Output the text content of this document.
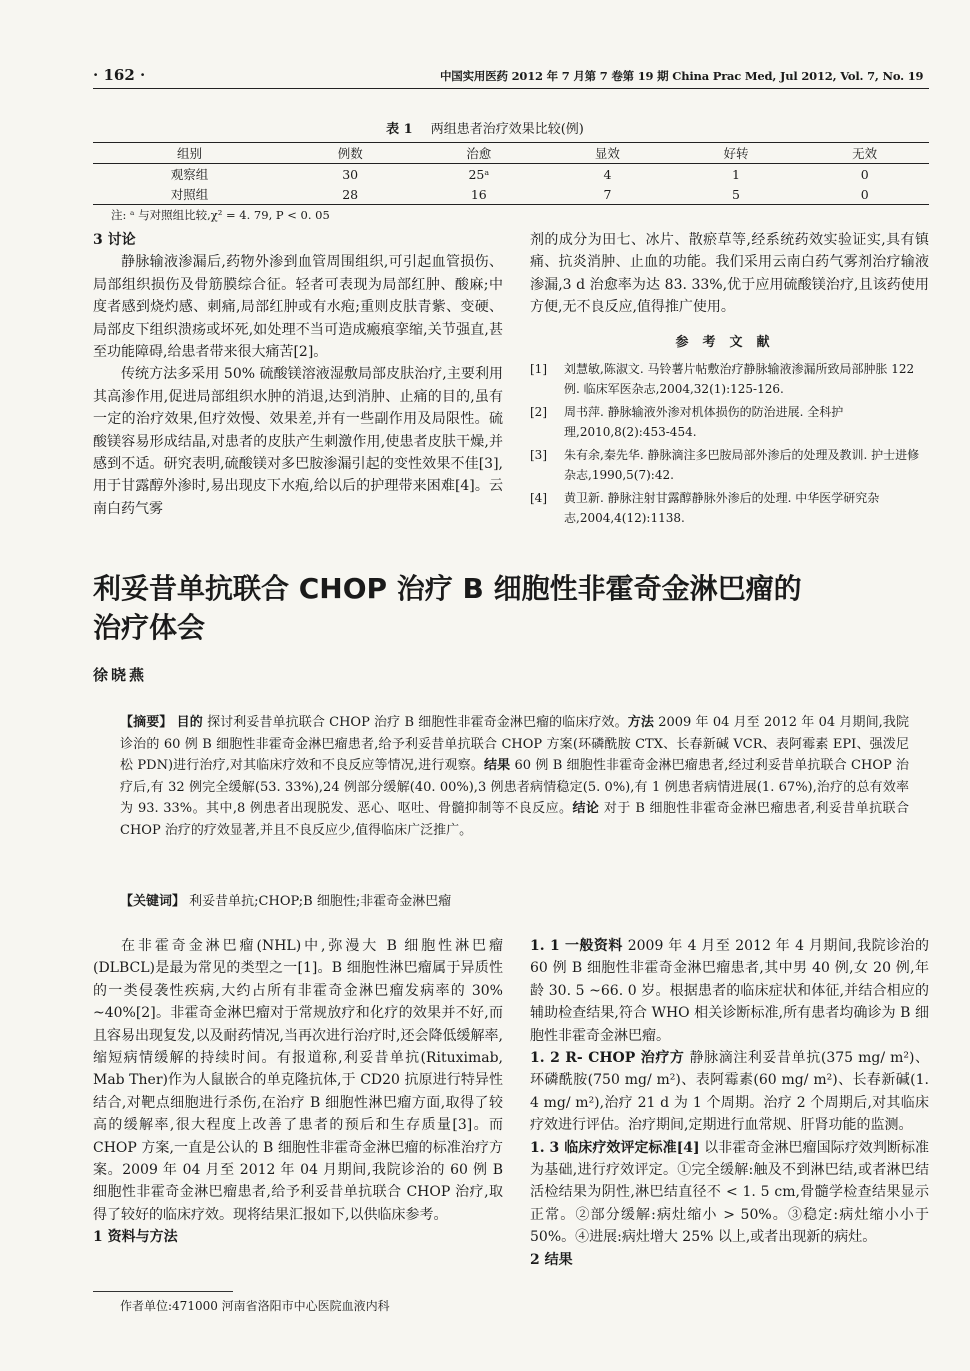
· 162 ·	中国实用医药 2012 年 7 月第 7 卷第 19 期 China Prac Med, Jul 2012, Vol. 7, No. 19
表 1 两组患者治疗效果比较(例)
组别	例数	治愈	显效	好转	无效
观察组	30	25ᵃ	4	1	0
对照组	28	16	7	5	0
注: ᵃ 与对照组比较,χ² = 4. 79, P < 0. 05
3 讨论

静脉输液渗漏后,药物外渗到血管周围组织,可引起血管损伤、局部组织损伤及骨筋膜综合征。轻者可表现为局部红肿、酸麻;中度者感到烧灼感、刺痛,局部红肿或有水疱;重则皮肤青紫、变硬、局部皮下组织溃疡或坏死,如处理不当可造成瘢痕挛缩,关节强直,甚至功能障碍,给患者带来很大痛苦[2]。

传统方法多采用 50% 硫酸镁溶液湿敷局部皮肤治疗,主要利用其高渗作用,促进局部组织水肿的消退,达到消肿、止痛的目的,虽有一定的治疗效果,但疗效慢、效果差,并有一些副作用及局限性。硫酸镁容易形成结晶,对患者的皮肤产生刺激作用,使患者皮肤干燥,并感到不适。研究表明,硫酸镁对多巴胺渗漏引起的变性效果不佳[3],用于甘露醇外渗时,易出现皮下水疱,给以后的护理带来困难[4]。云南白药气雾

剂的成分为田七、冰片、散瘀草等,经系统药效实验证实,具有镇痛、抗炎消肿、止血的功能。我们采用云南白药气雾剂治疗输液渗漏,3 d 治愈率为达 83. 33%,优于应用硫酸镁治疗,且该药使用方便,无不良反应,值得推广使用。
参考文献
[1]	刘慧敏,陈淑文. 马铃薯片帖敷治疗静脉输液渗漏所致局部肿胀 122 例. 临床军医杂志,2004,32(1):125-126.
[2]	周书萍. 静脉输液外渗对机体损伤的防治进展. 全科护理,2010,8(2):453-454.
[3]	朱有余,秦先华. 静脉滴注多巴胺局部外渗后的处理及教训. 护士进修杂志,1990,5(7):42.
[4]	黄卫新. 静脉注射甘露醇静脉外渗后的处理. 中华医学研究杂志,2004,4(12):1138.
利妥昔单抗联合 CHOP 治疗 B 细胞性非霍奇金淋巴瘤的治疗体会
徐晓燕
【摘要】 目的 探讨利妥昔单抗联合 CHOP 治疗 B 细胞性非霍奇金淋巴瘤的临床疗效。方法 2009 年 04 月至 2012 年 04 月期间,我院诊治的 60 例 B 细胞性非霍奇金淋巴瘤患者,给予利妥昔单抗联合 CHOP 方案(环磷酰胺 CTX、长春新碱 VCR、表阿霉素 EPI、强泼尼松 PDN)进行治疗,对其临床疗效和不良反应等情况,进行观察。结果 60 例 B 细胞性非霍奇金淋巴瘤患者,经过利妥昔单抗联合 CHOP 治疗后,有 32 例完全缓解(53. 33%),24 例部分缓解(40. 00%),3 例患者病情稳定(5. 0%),有 1 例患者病情进展(1. 67%),治疗的总有效率为 93. 33%。其中,8 例患者出现脱发、恶心、呕吐、骨髓抑制等不良反应。结论 对于 B 细胞性非霍奇金淋巴瘤患者,利妥昔单抗联合 CHOP 治疗的疗效显著,并且不良反应少,值得临床广泛推广。
【关键词】 利妥昔单抗;CHOP;B 细胞性;非霍奇金淋巴瘤

在非霍奇金淋巴瘤(NHL)中,弥漫大 B 细胞性淋巴瘤(DLBCL)是最为常见的类型之一[1]。B 细胞性淋巴瘤属于异质性的一类侵袭性疾病,大约占所有非霍奇金淋巴瘤发病率的 30% ~40%[2]。非霍奇金淋巴瘤对于常规放疗和化疗的效果并不好,而且容易出现复发,以及耐药情况,当再次进行治疗时,还会降低缓解率,缩短病情缓解的持续时间。有报道称,利妥昔单抗(Rituximab, Mab Ther)作为人鼠嵌合的单克隆抗体,于 CD20 抗原进行特异性结合,对靶点细胞进行杀伤,在治疗 B 细胞性淋巴瘤方面,取得了较高的缓解率,很大程度上改善了患者的预后和生存质量[3]。而 CHOP 方案,一直是公认的 B 细胞性非霍奇金淋巴瘤的标准治疗方案。2009 年 04 月至 2012 年 04 月期间,我院诊治的 60 例 B 细胞性非霍奇金淋巴瘤患者,给予利妥昔单抗联合 CHOP 治疗,取得了较好的临床疗效。现将结果汇报如下,以供临床参考。

1 资料与方法
1. 1 一般资料 2009 年 4 月至 2012 年 4 月期间,我院诊治的 60 例 B 细胞性非霍奇金淋巴瘤患者,其中男 40 例,女 20 例,年龄 30. 5 ~66. 0 岁。根据患者的临床症状和体征,并结合相应的辅助检查结果,符合 WHO 相关诊断标准,所有患者均确诊为 B 细胞性非霍奇金淋巴瘤。
1. 2 R- CHOP 治疗方 静脉滴注利妥昔单抗(375 mg/ m²)、环磷酰胺(750 mg/ m²)、表阿霉素(60 mg/ m²)、长春新碱(1. 4 mg/ m²),治疗 21 d 为 1 个周期。治疗 2 个周期后,对其临床疗效进行评估。治疗期间,定期进行血常规、肝肾功能的监测。
1. 3 临床疗效评定标准[4] 以非霍奇金淋巴瘤国际疗效判断标准为基础,进行疗效评定。①完全缓解:触及不到淋巴结,或者淋巴结活检结果为阴性,淋巴结直径不 < 1. 5 cm,骨髓学检查结果显示正常。②部分缓解:病灶缩小 > 50%。③稳定:病灶缩小小于 50%。④进展:病灶增大 25% 以上,或者出现新的病灶。
2 结果
作者单位:471000 河南省洛阳市中心医院血液内科
